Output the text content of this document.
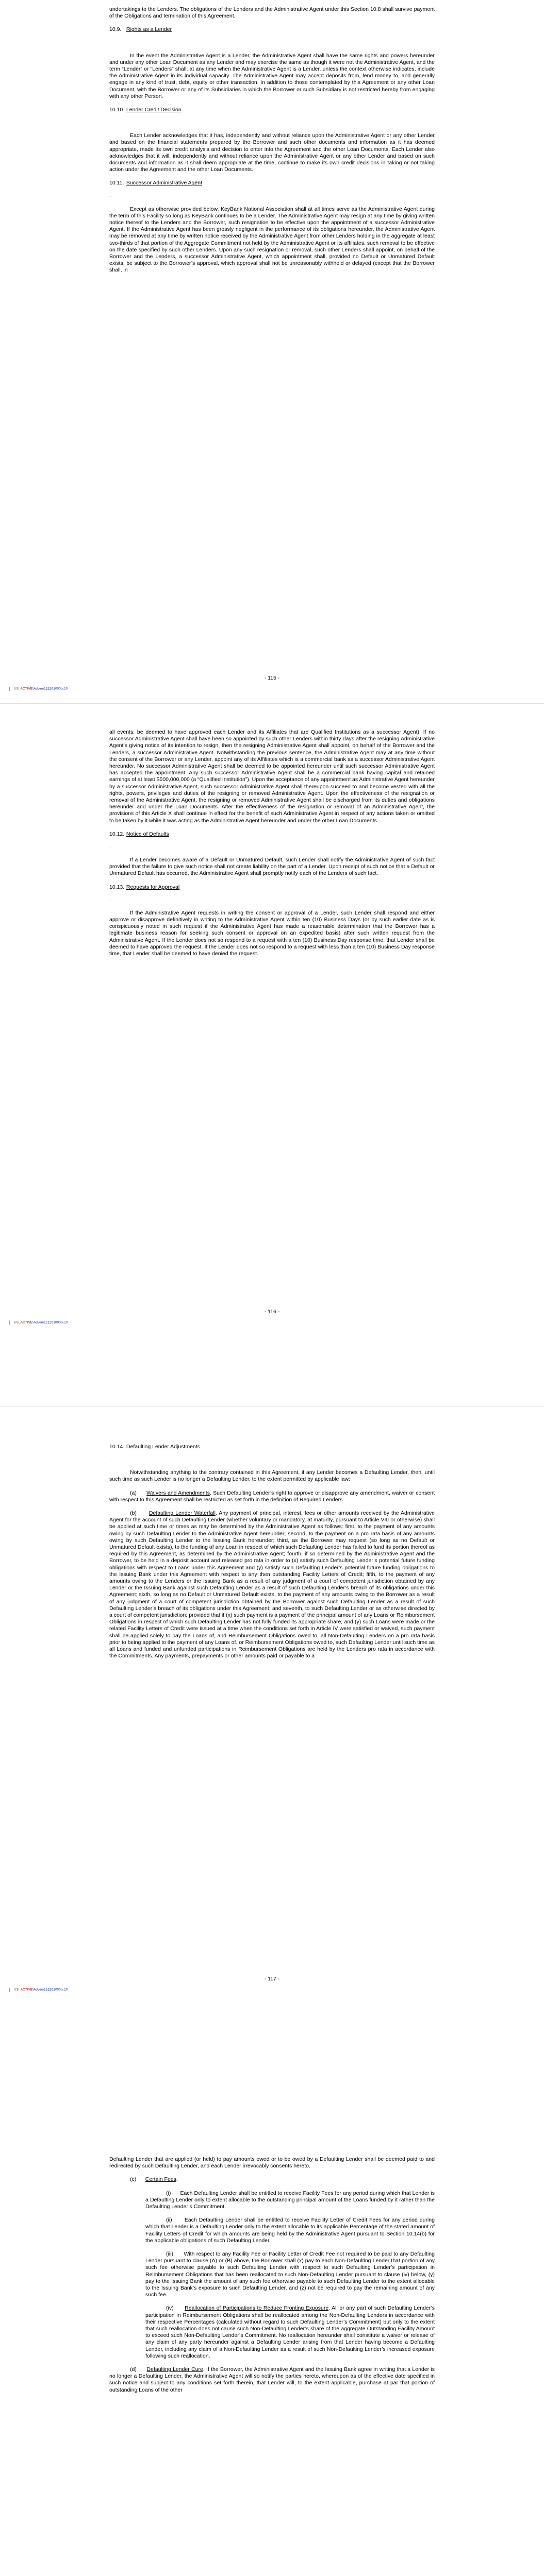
undertakings to the Lenders. The obligations of the Lenders and the Administrative Agent under this Section 10.8 shall survive payment of the Obligations and termination of this Agreement.

10.9. Rights as a Lender
.

In the event the Administrative Agent is a Lender, the Administrative Agent shall have the same rights and powers hereunder and under any other Loan Document as any Lender and may exercise the same as though it were not the Administrative Agent, and the term “Lender” or “Lenders” shall, at any time when the Administrative Agent is a Lender, unless the context otherwise indicates, include the Administrative Agent in its individual capacity. The Administrative Agent may accept deposits from, lend money to, and generally engage in any kind of trust, debt, equity or other transaction, in addition to those contemplated by this Agreement or any other Loan Document, with the Borrower or any of its Subsidiaries in which the Borrower or such Subsidiary is not restricted hereby from engaging with any other Person.

10.10. Lender Credit Decision
.

Each Lender acknowledges that it has, independently and without reliance upon the Administrative Agent or any other Lender and based on the financial statements prepared by the Borrower and such other documents and information as it has deemed appropriate, made its own credit analysis and decision to enter into the Agreement and the other Loan Documents. Each Lender also acknowledges that it will, independently and without reliance upon the Administrative Agent or any other Lender and based on such documents and information as it shall deem appropriate at the time, continue to make its own credit decisions in taking or not taking action under the Agreement and the other Loan Documents.

10.11. Successor Administrative Agent
.

Except as otherwise provided below, KeyBank National Association shall at all times serve as the Administrative Agent during the term of this Facility so long as KeyBank continues to be a Lender. The Administrative Agent may resign at any time by giving written notice thereof to the Lenders and the Borrower, such resignation to be effective upon the appointment of a successor Administrative Agent. If the Administrative Agent has been grossly negligent in the performance of its obligations hereunder, the Administrative Agent may be removed at any time by written notice received by the Administrative Agent from other Lenders holding in the aggregate at least two-thirds of that portion of the Aggregate Commitment not held by the Administrative Agent or its affiliates, such removal to be effective on the date specified by such other Lenders. Upon any such resignation or removal, such other Lenders shall appoint, on behalf of the Borrower and the Lenders, a successor Administrative Agent, which appointment shall, provided no Default or Unmatured Default exists, be subject to the Borrower’s approval, which approval shall not be unreasonably withheld or delayed (except that the Borrower shall, in

- 115 -
US_ACTIVE\Adven\121261000\v.10

all events, be deemed to have approved each Lender and its Affiliates that are Qualified Institutions as a successor Agent). If no successor Administrative Agent shall have been so appointed by such other Lenders within thirty days after the resigning Administrative Agent’s giving notice of its intention to resign, then the resigning Administrative Agent shall appoint, on behalf of the Borrower and the Lenders, a successor Administrative Agent. Notwithstanding the previous sentence, the Administrative Agent may at any time without the consent of the Borrower or any Lender, appoint any of its Affiliates which is a commercial bank as a successor Administrative Agent hereunder. No successor Administrative Agent shall be deemed to be appointed hereunder until such successor Administrative Agent has accepted the appointment. Any such successor Administrative Agent shall be a commercial bank having capital and retained earnings of at least $500,000,000 (a “Qualified Institution”). Upon the acceptance of any appointment as Administrative Agent hereunder by a successor Administrative Agent, such successor Administrative Agent shall thereupon succeed to and become vested with all the rights, powers, privileges and duties of the resigning or removed Administrative Agent. Upon the effectiveness of the resignation or removal of the Administrative Agent, the resigning or removed Administrative Agent shall be discharged from its duties and obligations hereunder and under the Loan Documents. After the effectiveness of the resignation or removal of an Administrative Agent, the provisions of this Article X shall continue in effect for the benefit of such Administrative Agent in respect of any actions taken or omitted to be taken by it while it was acting as the Administrative Agent hereunder and under the other Loan Documents.

10.12. Notice of Defaults
.

If a Lender becomes aware of a Default or Unmatured Default, such Lender shall notify the Administrative Agent of such fact provided that the failure to give such notice shall not create liability on the part of a Lender. Upon receipt of such notice that a Default or Unmatured Default has occurred, the Administrative Agent shall promptly notify each of the Lenders of such fact.

10.13. Requests for Approval
.

If the Administrative Agent requests in writing the consent or approval of a Lender, such Lender shall respond and either approve or disapprove definitively in writing to the Administrative Agent within ten (10) Business Days (or by such earlier date as is conspicuously noted in such request if the Administrative Agent has made a reasonable determination that the Borrower has a legitimate business reason for seeking such consent or approval on an expedited basis) after such written request from the Administrative Agent. If the Lender does not so respond to a request with a ten (10) Business Day response time, that Lender shall be deemed to have approved the request. If the Lender does not so respond to a request with less than a ten (10) Business Day response time, that Lender shall be deemed to have denied the request.

- 116 -
US_ACTIVE\Adven\121261000\v.10
10.14. Defaulting Lender Adjustments
.

Notwithstanding anything to the contrary contained in this Agreement, if any Lender becomes a Defaulting Lender, then, until such time as such Lender is no longer a Defaulting Lender, to the extent permitted by applicable law:

(a) Waivers and Amendments. Such Defaulting Lender’s right to approve or disapprove any amendment, waiver or consent with respect to this Agreement shall be restricted as set forth in the definition of Required Lenders.

(b) Defaulting Lender Waterfall. Any payment of principal, interest, fees or other amounts received by the Administrative Agent for the account of such Defaulting Lender (whether voluntary or mandatory, at maturity, pursuant to Article VIII or otherwise) shall be applied at such time or times as may be determined by the Administrative Agent as follows: first, to the payment of any amounts owing by such Defaulting Lender to the Administrative Agent hereunder; second, to the payment on a pro rata basis of any amounts owing by such Defaulting Lender to the Issuing Bank hereunder; third, as the Borrower may request (so long as no Default or Unmatured Default exists), to the funding of any Loan in respect of which such Defaulting Lender has failed to fund its portion thereof as required by this Agreement, as determined by the Administrative Agent; fourth, if so determined by the Administrative Agent and the Borrower, to be held in a deposit account and released pro rata in order to (x) satisfy such Defaulting Lender’s potential future funding obligations with respect to Loans under this Agreement and (y) satisfy such Defaulting Lender’s potential future funding obligations to the Issuing Bank under this Agreement with respect to any then outstanding Facility Letters of Credit; fifth, to the payment of any amounts owing to the Lenders or the Issuing Bank as a result of any judgment of a court of competent jurisdiction obtained by any Lender or the Issuing Bank against such Defaulting Lender as a result of such Defaulting Lender’s breach of its obligations under this Agreement; sixth, so long as no Default or Unmatured Default exists, to the payment of any amounts owing to the Borrower as a result of any judgment of a court of competent jurisdiction obtained by the Borrower against such Defaulting Lender as a result of such Defaulting Lender’s breach of its obligations under this Agreement; and seventh, to such Defaulting Lender or as otherwise directed by a court of competent jurisdiction; provided that if (x) such payment is a payment of the principal amount of any Loans or Reimbursement Obligations in respect of which such Defaulting Lender has not fully funded its appropriate share, and (y) such Loans were made or the related Facility Letters of Credit were issued at a time when the conditions set forth in Article IV were satisfied or waived, such payment shall be applied solely to pay the Loans of, and Reimbursement Obligations owed to, all Non-Defaulting Lenders on a pro rata basis prior to being applied to the payment of any Loans of, or Reimbursement Obligations owed to, such Defaulting Lender until such time as all Loans and funded and unfunded participations in Reimbursement Obligations are held by the Lenders pro rata in accordance with the Commitments. Any payments, prepayments or other amounts paid or payable to a

- 117 -
US_ACTIVE\Adven\121261000\v.10

Defaulting Lender that are applied (or held) to pay amounts owed or to be owed by a Defaulting Lender shall be deemed paid to and redirected by such Defaulting Lender, and each Lender irrevocably consents hereto.

(c) Certain Fees.

(i) Each Defaulting Lender shall be entitled to receive Facility Fees for any period during which that Lender is a Defaulting Lender only to extent allocable to the outstanding principal amount of the Loans funded by it rather than the Defaulting Lender’s Commitment.

(ii) Each Defaulting Lender shall be entitled to receive Facility Letter of Credit Fees for any period during which that Lender is a Defaulting Lender only to the extent allocable to its applicable Percentage of the stated amount of Facility Letters of Credit for which amounts are being held by the Administrative Agent pursuant to Section 10.14(b) for the applicable obligations of such Defaulting Lender.

(iii) With respect to any Facility Fee or Facility Letter of Credit Fee not required to be paid to any Defaulting Lender pursuant to clause (A) or (B) above, the Borrower shall (x) pay to each Non-Defaulting Lender that portion of any such fee otherwise payable to such Defaulting Lender with respect to such Defaulting Lender’s participation in Reimbursement Obligations that has been reallocated to such Non-Defaulting Lender pursuant to clause (iv) below, (y) pay to the Issuing Bank the amount of any such fee otherwise payable to such Defaulting Lender to the extent allocable to the Issuing Bank’s exposure to such Defaulting Lender, and (z) not be required to pay the remaining amount of any such fee.

(iv) Reallocation of Participations to Reduce Fronting Exposure. All or any part of such Defaulting Lender’s participation in Reimbursement Obligations shall be reallocated among the Non-Defaulting Lenders in accordance with their respective Percentages (calculated without regard to such Defaulting Lender’s Commitment) but only to the extent that such reallocation does not cause such Non-Defaulting Lender’s share of the aggregate Outstanding Facility Amount to exceed such Non-Defaulting Lender’s Commitment. No reallocation hereunder shall constitute a waiver or release of any claim of any party hereunder against a Defaulting Lender arising from that Lender having become a Defaulting Lender, including any claim of a Non-Defaulting Lender as a result of such Non-Defaulting Lender’s increased exposure following such reallocation.

(d) Defaulting Lender Cure. If the Borrower, the Administrative Agent and the Issuing Bank agree in writing that a Lender is no longer a Defaulting Lender, the Administrative Agent will so notify the parties hereto, whereupon as of the effective date specified in such notice and subject to any conditions set forth therein, that Lender will, to the extent applicable, purchase at par that portion of outstanding Loans of the other
